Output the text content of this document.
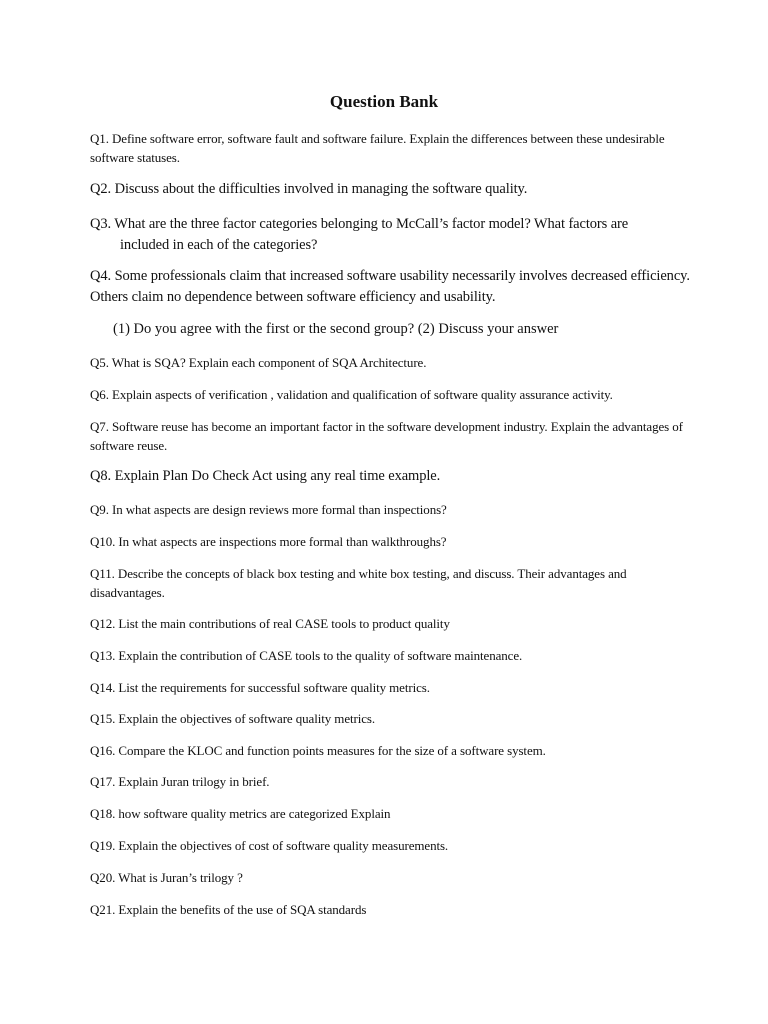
Question Bank
Q1. Define software error, software fault and software failure. Explain the differences between these undesirable software statuses.
Q2. Discuss about the difficulties involved in managing the software quality.
Q3. What are the three factor categories belonging to McCall’s factor model? What factors are
included in each of the categories?
Q4. Some professionals claim that increased software usability necessarily involves decreased efficiency. Others claim no dependence between software efficiency and usability.
(1) Do you agree with the first or the second group? (2) Discuss your answer
Q5. What is SQA? Explain each component of SQA Architecture.
Q6. Explain aspects of verification , validation and qualification of software quality assurance activity.
Q7. Software reuse has become an important factor in the software development industry. Explain the advantages of software reuse.
Q8. Explain Plan Do Check Act using any real time example.
Q9. In what aspects are design reviews more formal than inspections?
Q10. In what aspects are inspections more formal than walkthroughs?
Q11. Describe the concepts of black box testing and white box testing, and discuss. Their advantages and disadvantages.
Q12. List the main contributions of real CASE tools to product quality
Q13. Explain the contribution of CASE tools to the quality of software maintenance.
Q14. List the requirements for successful software quality metrics.
Q15. Explain the objectives of software quality metrics.
Q16. Compare the KLOC and function points measures for the size of a software system.
Q17. Explain Juran trilogy in brief.
Q18. how software quality metrics are categorized Explain
Q19. Explain the objectives of cost of software quality measurements.
Q20. What is Juran’s trilogy ?
Q21. Explain the benefits of the use of SQA standards
